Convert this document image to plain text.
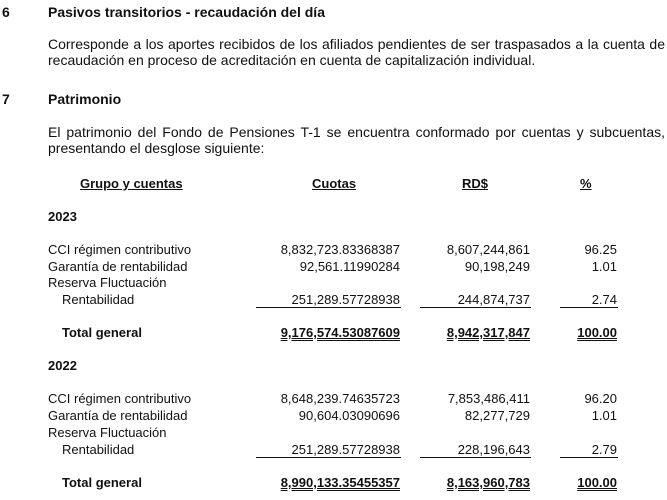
6	Pasivos transitorios - recaudación del día
Corresponde a los aportes recibidos de los afiliados pendientes de ser traspasados a la cuenta de recaudación en proceso de acreditación en cuenta de capitalización individual.
7	Patrimonio
El patrimonio del Fondo de Pensiones T-1 se encuentra conformado por cuentas y subcuentas, presentando el desglose siguiente:
Grupo y cuentas	Cuotas	RD$	%
2023
CCI régimen contributivo	8,832,723.83368387	8,607,244,861	96.25
Garantía de rentabilidad	92,561.11990284	90,198,249	1.01
Reserva Fluctuación
Rentabilidad	251,289.57728938	244,874,737	2.74
Total general	9,176,574.53087609	8,942,317,847	100.00
2022
CCI régimen contributivo	8,648,239.74635723	7,853,486,411	96.20
Garantía de rentabilidad	90,604.03090696	82,277,729	1.01
Reserva Fluctuación
Rentabilidad	251,289.57728938	228,196,643	2.79
Total general	8,990,133.35455357	8,163,960,783	100.00
